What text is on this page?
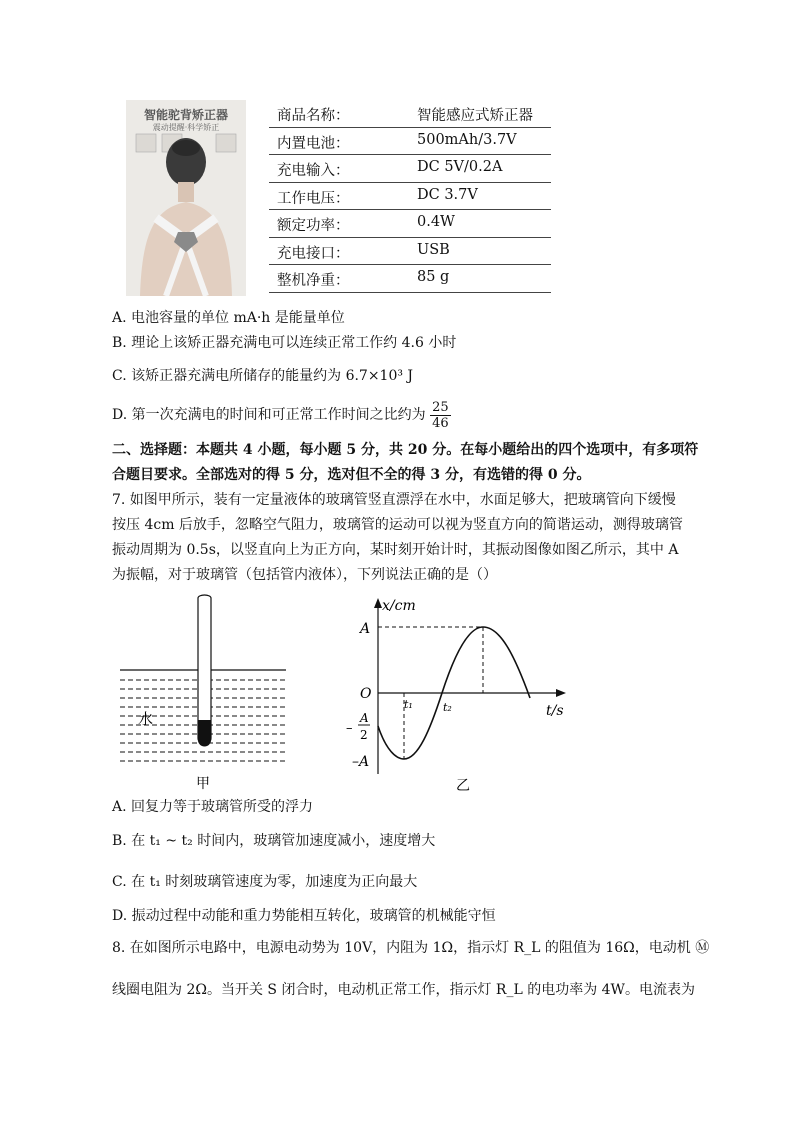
智能驼背矫正器
震动提醒·科学矫正
商品名称：	智能感应式矫正器
内置电池：	500mAh/3.7V
充电输入：	DC 5V/0.2A
工作电压：	DC 3.7V
额定功率：	0.4W
充电接口：	USB
整机净重：	85 g
A. 电池容量的单位 mA·h 是能量单位
B. 理论上该矫正器充满电可以连续正常工作约 4.6 小时
C. 该矫正器充满电所储存的能量约为 6.7×10³ J
D. 第一次充满电的时间和可正常工作时间之比约为 $\frac{25}{46}$
二、选择题：本题共 4 小题，每小题 5 分，共 20 分。在每小题给出的四个选项中，有多项符
合题目要求。全部选对的得 5 分，选对但不全的得 3 分，有选错的得 0 分。
7. 如图甲所示，装有一定量液体的玻璃管竖直漂浮在水中，水面足够大，把玻璃管向下缓慢
按压 4cm 后放手，忽略空气阻力，玻璃管的运动可以视为竖直方向的简谐运动，测得玻璃管
振动周期为 0.5s，以竖直向上为正方向，某时刻开始计时，其振动图像如图乙所示，其中 A
为振幅，对于玻璃管（包括管内液体），下列说法正确的是（）
水
甲
x/cm
t/s
A
O
–A
–
A
2
t₁	t₂
乙
A. 回复力等于玻璃管所受的浮力
B. 在 t₁ ~ t₂ 时间内，玻璃管加速度减小，速度增大
C. 在 t₁ 时刻玻璃管速度为零，加速度为正向最大
D. 振动过程中动能和重力势能相互转化，玻璃管的机械能守恒
8. 在如图所示电路中，电源电动势为 10V，内阻为 1Ω，指示灯 R_L 的阻值为 16Ω，电动机 Ⓜ
线圈电阻为 2Ω。当开关 S 闭合时，电动机正常工作，指示灯 R_L 的电功率为 4W。电流表为
